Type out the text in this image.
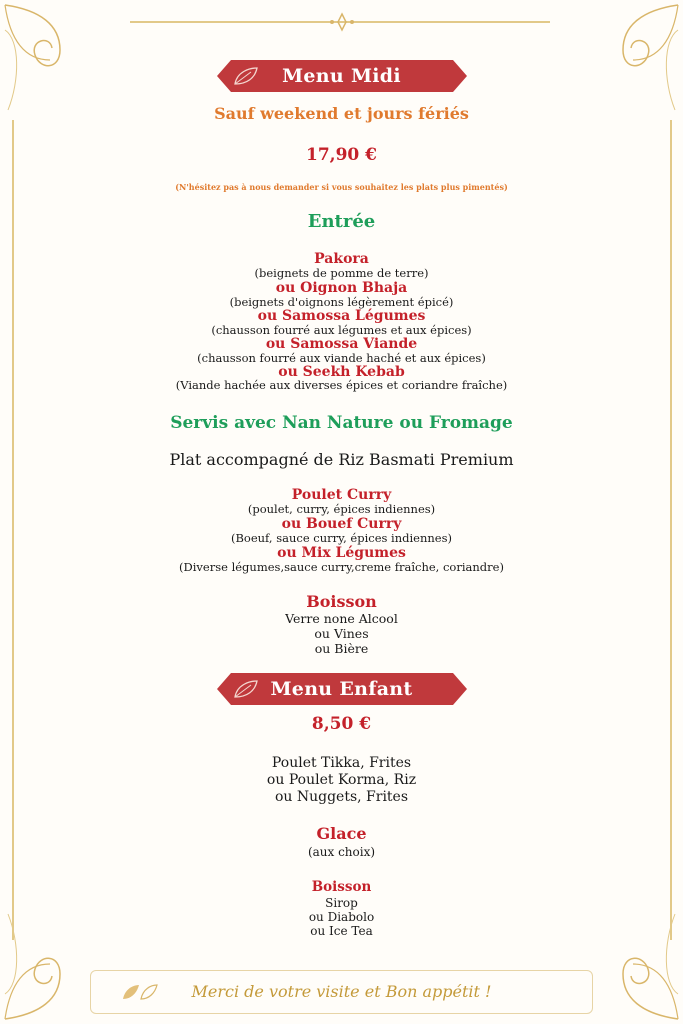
Menu Midi
Sauf weekend et jours fériés
17,90 €
(N'hésitez pas à nous demander si vous souhaitez les plats plus pimentés)
Entrée
Pakora
(beignets de pomme de terre)
ou Oignon Bhaja
(beignets d'oignons légèrement épicé)
ou Samossa Légumes
(chausson fourré aux légumes et aux épices)
ou Samossa Viande
(chausson fourré aux viande haché et aux épices)
ou Seekh Kebab
(Viande hachée aux diverses épices et coriandre fraîche)
Servis avec Nan Nature ou Fromage
Plat accompagné de Riz Basmati Premium
Poulet Curry
(poulet, curry, épices indiennes)
ou Bouef Curry
(Boeuf, sauce curry, épices indiennes)
ou Mix Légumes
(Diverse légumes,sauce curry,creme fraîche, coriandre)
Boisson
Verre none Alcool
ou Vines
ou Bière
Menu Enfant
8,50 €
Poulet Tikka, Frites
ou Poulet Korma, Riz
ou Nuggets, Frites
Glace
(aux choix)
Boisson
Sirop
ou Diabolo
ou Ice Tea
Merci de votre visite et Bon appétit !
